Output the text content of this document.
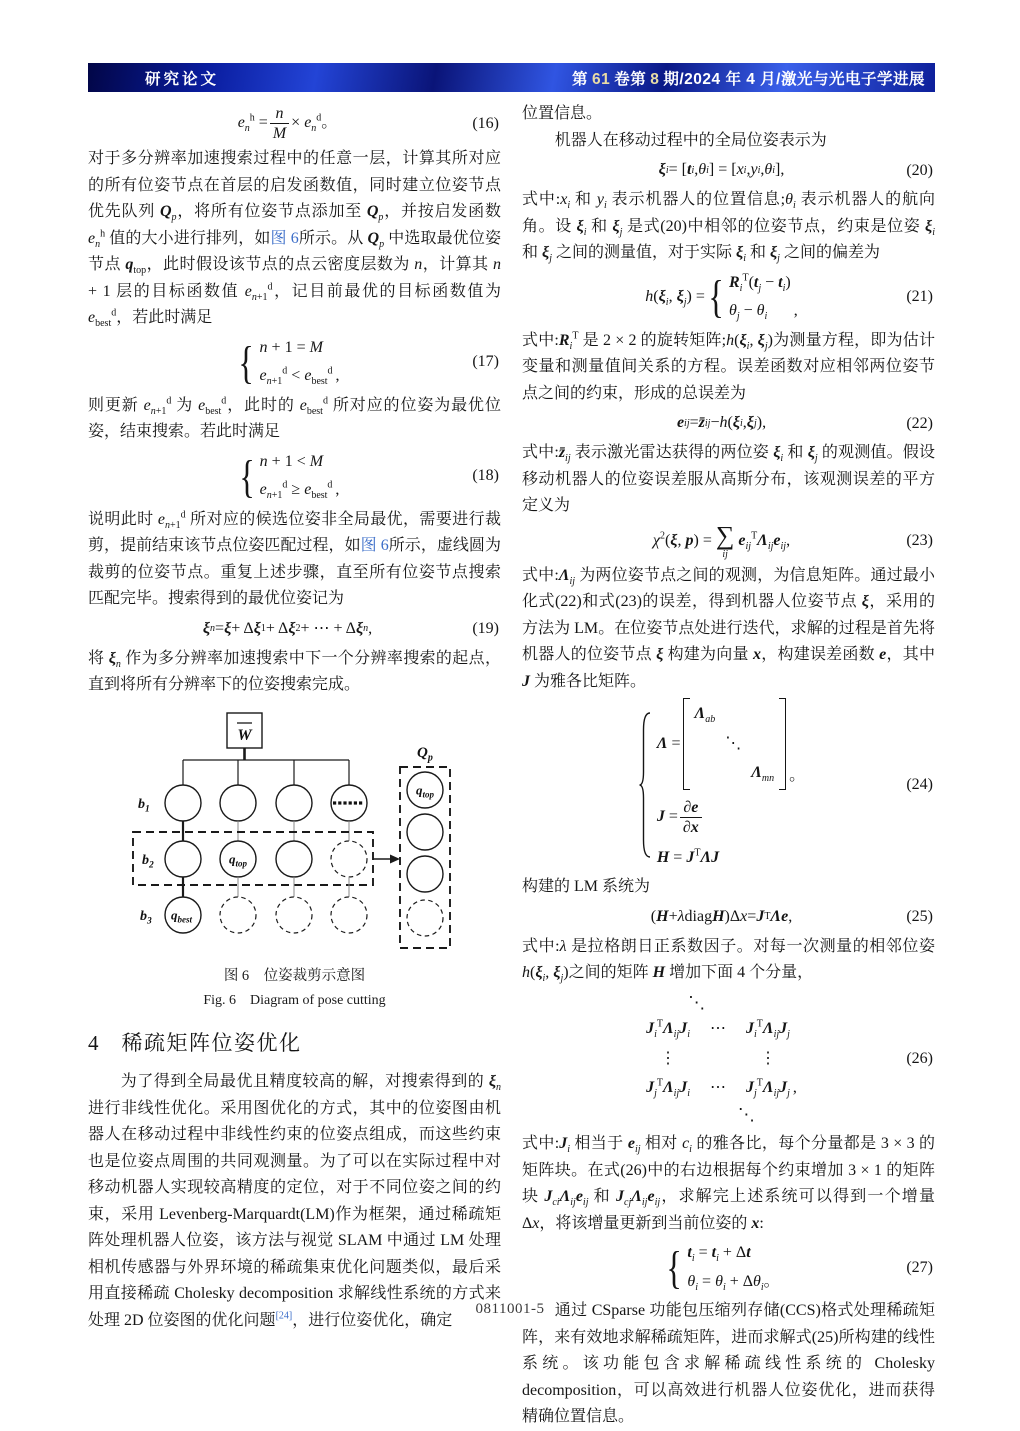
研究论文	第 61 卷第 8 期/2024 年 4 月/激光与光电子学进展
$e_n^h = \frac{n}{M} \times e_n^d$。	(16)

对于多分辨率加速搜索过程中的任意一层，计算其所对应的所有位姿节点在首层的启发函数值，同时建立位姿节点优先队列 $Q_p$，将所有位姿节点添加至 $Q_p$，并按启发函数 $e_n^h$ 值的大小进行排列，如图 6所示。从 $Q_p$ 中选取最优位姿节点 $q_{top}$，此时假设该节点的点云密度层数为 n，计算其 n + 1 层的目标函数值 $e_{n+1}^d$，记目前最优的目标函数值为 $e_{best}^d$，若此时满足

{ n + 1 = M
$e_{n+1}^d < e_{best}^d$ ,
(17)

则更新 $e_{n+1}^d$ 为 $e_{best}^d$，此时的 $e_{best}^d$ 所对应的位姿为最优位姿，结束搜索。若此时满足

{ n + 1 < M
$e_{n+1}^d \ge e_{best}^d$ ,
(18)

说明此时 $e_{n+1}^d$ 所对应的候选位姿非全局最优，需要进行裁剪，提前结束该节点位姿匹配过程，如图 6所示，虚线圆为裁剪的位姿节点。重复上述步骤，直至所有位姿节点搜索匹配完毕。搜索得到的最优位姿记为

ξ n = ξ + Δ ξ 1 + Δ ξ 2 + ⋯ + Δ ξ n ,	(19)

将 $\xi_n$ 作为多分辨率加速搜索中下一个分辨率搜索的起点，直到将所有分辨率下的位姿搜索完成。

W
$b_1$
$b_2$
$b_3$
$q_{top}$
$q_{best}$
$Q_p$
$q_{top}$
图 6　位姿裁剪示意图
Fig. 6　Diagram of pose cutting
4 稀疏矩阵位姿优化

为了得到全局最优且精度较高的解，对搜索得到的 $\xi_n$ 进行非线性优化。采用图优化的方式，其中的位姿图由机器人在移动过程中非线性约束的位姿点组成，而这些约束也是位姿点周围的共同观测量。为了可以在实际过程中对移动机器人实现较高精度的定位，对于不同位姿之间的约束，采用 Levenberg-Marquardt(LM)作为框架，通过稀疏矩阵处理机器人位姿，该方法与视觉 SLAM 中通过 LM 处理相机传感器与外界环境的稀疏集束优化问题类似，最后采用直接稀疏 Cholesky decomposition 求解线性系统的方式来处理 2D 位姿图的优化问题[24]，进行位姿优化，确定

位置信息。

机器人在移动过程中的全局位姿表示为

ξ i = [ t i , θ i ] = [ x i , y i , θ i ],	(20)

式中$:x_i$ 和 $y_i$ 表示机器人的位置信息$;\theta_i$ 表示机器人的航向角。设 $\xi_i$ 和 $\xi_j$ 是式(20)中相邻的位姿节点，约束是位姿 $\xi_i$ 和 $\xi_j$ 之间的测量值，对于实际 $\xi_i$ 和 $\xi_j$ 之间的偏差为

$h(\xi_i$, $\xi_j$) = { $R_i^T(t_j - t_i)$
$\theta_j - \theta_i$ ,
(21)

式中$:R_i^T$ 是 2 × 2 的旋转矩阵$;h(\xi_i$, $\xi_j$)为测量方程，即为估计变量和测量值间关系的方程。误差函数对应相邻两位姿节点之间的约束，形成的总误差为

e ij = z̄ ij − h ( ξ i , ξ j ),	(22)

式中$:z̄_{ij}$ 表示激光雷达获得的两位姿 $\xi_i$ 和 $\xi_j$ 的观测值。假设移动机器人的位姿误差服从高斯分布，该观测误差的平方定义为

$\chi^2(\xi$, p) = ∑
ij
$e_{ij}^T\Lambda_{ij}e_{ij}$,	(23)

式中$:\Lambda_{ij}$ 为两位姿节点之间的观测，为信息矩阵。通过最小化式(22)和式(23)的误差，得到机器人位姿节点 ξ，采用的方法为 LM。在位姿节点处进行迭代，求解的过程是首先将机器人的位姿节点 ξ 构建为向量 x，构建误差函数 e，其中 J 为雅各比矩阵。

Λ =
$\Lambda_{ab}$
⋱
$\Lambda_{mn}$ 。
$J = \frac{\partial e}{\partial x}$
$H = J^T\Lambda J$
(24)

构建的 LM 系统为

( H + λ diag H )Δ x = J T Λ e ,	(25)

式中:λ 是拉格朗日正系数因子。对每一次测量的相邻位姿 $h(\xi_i$, $\xi_j$)之间的矩阵 H 增加下面 4 个分量，

⋱
$J_i^T\Lambda_{ij}J_i$ ⋯ $J_i^T\Lambda_{ij}J_j$
⋮	⋮
$J_j^T\Lambda_{ij}J_i$ ⋯ $J_j^T\Lambda_{ij}J_j$ ,
⋱
(26)

式中$:J_i$ 相当于 $e_{ij}$ 相对 $c_i$ 的雅各比，每个分量都是 3 × 3 的矩阵块。在式(26)中的右边根据每个约束增加 3 × 1 的矩阵块 $J_{ci}\Lambda_{ij}e_{ij}$ 和 $J_{cj}\Lambda_{ij}e_{ij}$，求解完上述系统可以得到一个增量 Δx，将该增量更新到当前位姿的 x:

{ $t_i = t_i + \Delta t$
$\theta_i = \theta_i + \Delta\theta_i$。
(27)

通过 CSparse 功能包压缩列存储(CCS)格式处理稀疏矩阵，来有效地求解稀疏矩阵，进而求解式(25)所构建的线性系统。该功能包含求解稀疏线性系统的 Cholesky decomposition，可以高效进行机器人位姿优化，进而获得精确位置信息。

0811001-5
